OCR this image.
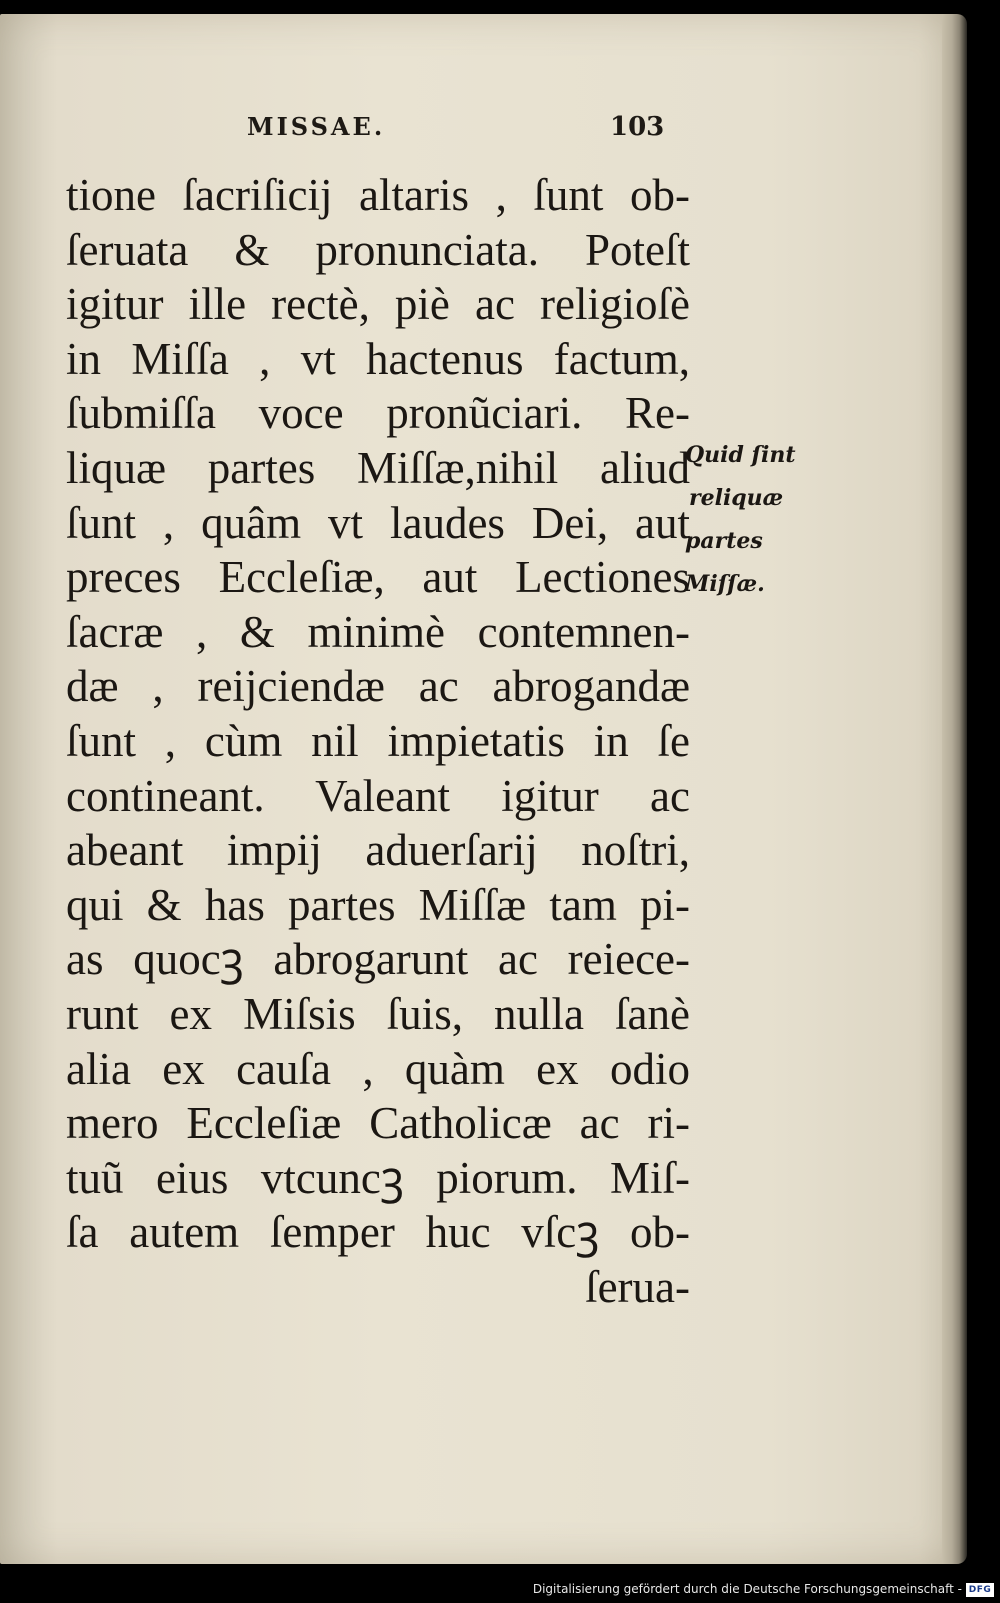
MISSAE.	103
tione ſacriſicij altaris , ſunt ob-
ſeruata & pronunciata. Poteſt
igitur ille rectè, piè ac religioſè
in Miſſa , vt hactenus factum,
ſubmiſſa voce pronũciari. Re-
liquæ partes Miſſæ,nihil aliud
ſunt , quâm vt laudes Dei, aut
preces Eccleſiæ, aut Lectiones
ſacræ , & minimè contemnen-
dæ , reijciendæ ac abrogandæ
ſunt , cùm nil impietatis in ſe
contineant. Valeant igitur ac
abeant impij aduerſarij noſtri,
qui & has partes Miſſæ tam pi-
as quocꝫ abrogarunt ac reiece-
runt ex Miſsis ſuis, nulla ſanè
alia ex cauſa , quàm ex odio
mero Eccleſiæ Catholicæ ac ri-
tuũ eius vtcuncꝫ piorum. Miſ-
ſa autem ſemper huc vſcꝫ ob-
ſerua-
Quid ſint
reliquæ
partes
Miſſæ.
Digitalisierung gefördert durch die Deutsche Forschungsgemeinschaft - DFG
